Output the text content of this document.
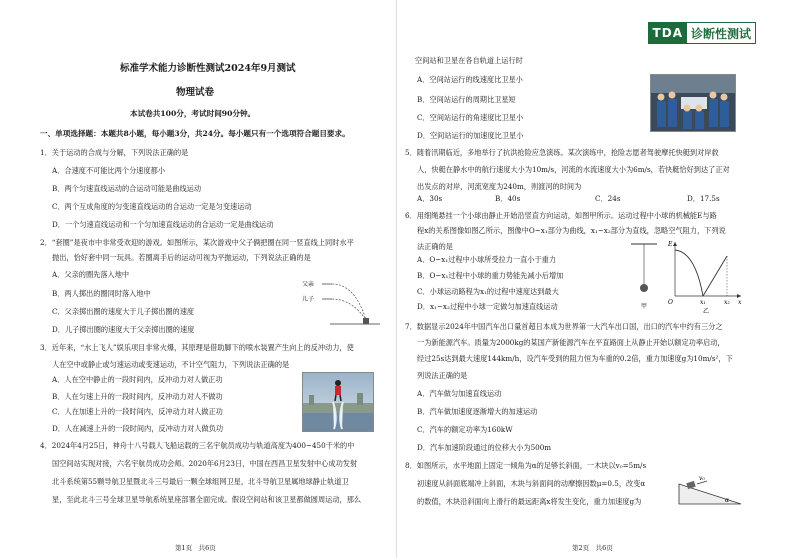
标准学术能力诊断性测试2024年9月测试
物理试卷
本试卷共100分，考试时间90分钟。
一、单项选择题：本题共8小题，每小题3分，共24分。每小题只有一个选项符合题目要求。
1．关于运动的合成与分解，下列说法正确的是
A．合速度不可能比两个分速度都小
B．两个匀速直线运动的合运动可能是曲线运动
C．两个互成角度的匀变速直线运动的合运动一定是匀变速运动
D．一个匀速直线运动和一个匀加速直线运动的合运动一定是曲线运动
2．“套圈”是夜市中非常受欢迎的游戏。如图所示，某次游戏中父子俩把圈在同一竖直线上同时水平
抛出，恰好套中同一玩具。若圈离手后的运动可视为平抛运动，下列说法正确的是
A．父亲的圈先落入地中
B．两人掷出的圈同时落入地中
C．父亲掷出圈的速度大于儿子掷出圈的速度
D．儿子掷出圈的速度大于父亲掷出圈的速度
父亲
儿子
3．近年来，“水上飞人”娱乐项目非常火爆，其原理是借助脚下的喷水装置产生向上的反冲动力，使
人在空中或静止或匀速运动或变速运动，不计空气阻力，下列说法正确的是
A．人在空中静止的一段时间内，反冲动力对人做正功
B．人在匀速上升的一段时间内，反冲动力对人不做功
C．人在加速上升的一段时间内，反冲动力对人做正功
D．人在减速上升的一段时间内，反冲动力对人做负功
4．2024年4月25日，神舟十八号载人飞船运载的三名宇航员成功与轨道高度为400~450千米的中
国空间站实现对接，六名宇航员成功会师。2020年6月23日，中国在西昌卫星发射中心成功发射
北斗系统第55颗导航卫星暨北斗三号最后一颗全球组网卫星，北斗导航卫星属地球静止轨道卫
星，至此北斗三号全球卫星导航系统星座部署全面完成。假设空间站和该卫星都做圆周运动，那么
第1页　共6页
TDA 诊断性测试
空间站和卫星在各自轨道上运行时
A．空间站运行的线速度比卫星小
B．空间站运行的周期比卫星短
C．空间站运行的角速度比卫星小
D．空间站运行的加速度比卫星小
5．随着汛期临近，多地举行了抗洪抢险应急演练。某次演练中，抢险志愿者驾驶摩托快艇到对岸救
人，快艇在静水中的航行速度大小为10m/s，河流的水流速度大小为6m/s，若快艇恰好到达了正对
出发点的对岸，河流宽度为240m，则渡河的时间为
A．30s	B．40s	C．24s	D．17.5s
6．用细绳悬挂一个小球由静止开始沿竖直方向运动，如图甲所示。运动过程中小球的机械能E与路
程x的关系图像如图乙所示，图像中O~x₁部分为曲线，x₁~x₂部分为直线，忽略空气阻力，下列说
法正确的是
A．O~x₁过程中小球所受拉力一直小于重力
B．O~x₁过程中小球的重力势能先减小后增加
C．小球运动路程为x₁的过程中速度达到最大
D．x₁~x₂过程中小球一定做匀加速直线运动	甲
E
x
O	x₁	x₂
乙
7．数据显示2024年中国汽车出口量首超日本成为世界第一大汽车出口国，出口的汽车中约有三分之
一为新能源汽车。质量为2000kg的某国产新能源汽车在平直路面上从静止开始以额定功率启动，
经过25s达到最大速度144km/h，设汽车受到的阻力恒为车重的0.2倍，重力加速度g为10m/s²，下
列说法正确的是
A．汽车做匀加速直线运动
B．汽车做加速度逐渐增大的加速运动
C．汽车的额定功率为160kW
D．汽车加速阶段通过的位移大小为500m
8．如图所示，水平地面上固定一倾角为α的足够长斜面，一木块以v₀=5m/s
初速度从斜面底端冲上斜面，木块与斜面间的动摩擦因数μ=0.5，改变α
的数值，木块沿斜面向上滑行的最远距离x将发生变化，重力加速度g为
v₀
α
第2页　共6页
